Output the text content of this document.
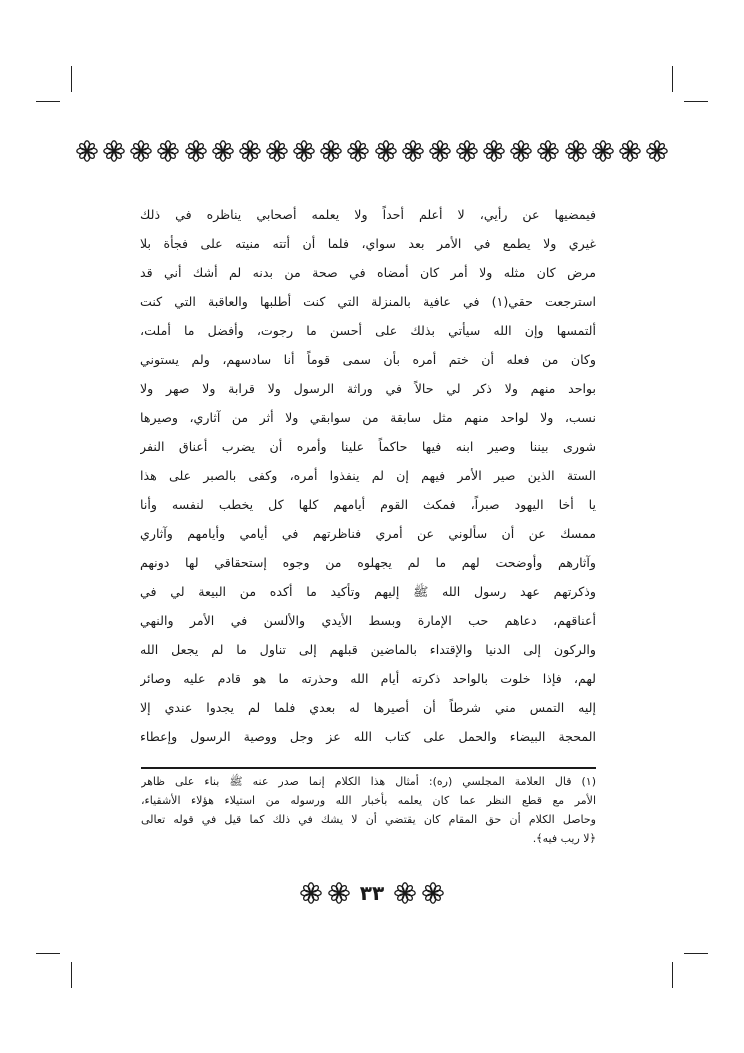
فيمضيها عن رأيي، لا أعلم أحداً ولا يعلمه أصحابي يناظره في ذلك
غيري ولا يطمع في الأمر بعد سواي، فلما أن أتته منيته على فجأة بلا
مرض كان مثله ولا أمر كان أمضاه في صحة من بدنه لم أشك أني قد
استرجعت حقي(١) في عافية بالمنزلة التي كنت أطلبها والعاقبة التي كنت
ألتمسها وإن الله سيأتي بذلك على أحسن ما رجوت، وأفضل ما أملت،
وكان من فعله أن ختم أمره بأن سمى قوماً أنا سادسهم، ولم يستوني
بواحد منهم ولا ذكر لي حالاً في وراثة الرسول ولا قرابة ولا صهر ولا
نسب، ولا لواحد منهم مثل سابقة من سوابقي ولا أثر من آثاري، وصيرها
شورى بيننا وصير ابنه فيها حاكماً علينا وأمره أن يضرب أعناق النفر
الستة الذين صير الأمر فيهم إن لم ينفذوا أمره، وكفى بالصبر على هذا
يا أخا اليهود صبراً، فمكث القوم أيامهم كلها كل يخطب لنفسه وأنا
ممسك عن أن سألوني عن أمري فناظرتهم في أيامي وأيامهم وآثاري
وآثارهم وأوضحت لهم ما لم يجهلوه من وجوه إستحقاقي لها دونهم
وذكرتهم عهد رسول الله ﷺ إليهم وتأكيد ما أكده من البيعة لي في
أعناقهم، دعاهم حب الإمارة وبسط الأيدي والألسن في الأمر والنهي
والركون إلى الدنيا والإقتداء بالماضين قبلهم إلى تناول ما لم يجعل الله
لهم، فإذا خلوت بالواحد ذكرته أيام الله وحذرته ما هو قادم عليه وصائر
إليه التمس مني شرطاً أن أصيرها له بعدي فلما لم يجدوا عندي إلا
المحجة البيضاء والحمل على كتاب الله عز وجل ووصية الرسول وإعطاء
(١) قال العلامة المجلسي (ره): أمثال هذا الكلام إنما صدر عنه ﷺ بناء على ظاهر
الأمر مع قطع النظر عما كان يعلمه بأخبار الله ورسوله من استيلاء هؤلاء الأشقياء،
وحاصل الكلام أن حق المقام كان يقتضي أن لا يشك في ذلك كما قيل في قوله تعالى
﴿لا ريب فيه﴾.
٣٣
